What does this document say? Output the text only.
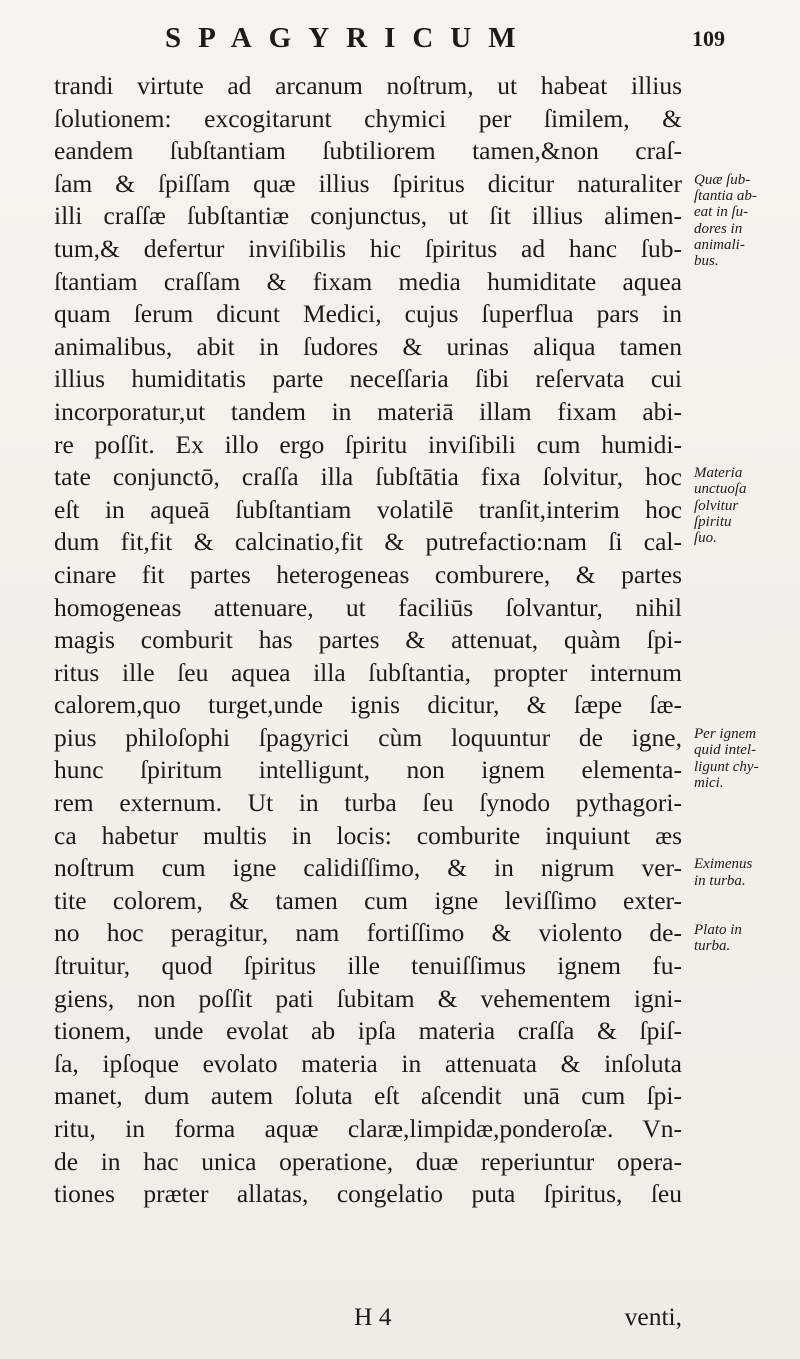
SPAGYRICUM	109
trandi virtute ad arcanum noſtrum, ut habeat illius
ſolutionem: excogitarunt chymici per ſimilem, &
eandem ſubſtantiam ſubtiliorem tamen,&non craſ-
ſam & ſpiſſam quæ illius ſpiritus dicitur naturaliter
illi craſſæ ſubſtantiæ conjunctus, ut ſit illius alimen-
tum,& defertur inviſibilis hic ſpiritus ad hanc ſub-
ſtantiam craſſam & fixam media humiditate aquea
quam ſerum dicunt Medici, cujus ſuperflua pars in
animalibus, abit in ſudores & urinas aliqua tamen
illius humiditatis parte neceſſaria ſibi reſervata cui
incorporatur,ut tandem in materiā illam fixam abi-
re poſſit. Ex illo ergo ſpiritu inviſibili cum humidi-
tate conjunctō, craſſa illa ſubſtātia fixa ſolvitur, hoc
eſt in aqueā ſubſtantiam volatilē tranſit,interim hoc
dum fit,fit & calcinatio,fit & putrefactio:nam ſi cal-
cinare fit partes heterogeneas comburere, & partes
homogeneas attenuare, ut faciliūs ſolvantur, nihil
magis comburit has partes & attenuat, quàm ſpi-
ritus ille ſeu aquea illa ſubſtantia, propter internum
calorem,quo turget,unde ignis dicitur, & ſæpe ſæ-
pius philoſophi ſpagyrici cùm loquuntur de igne,
hunc ſpiritum intelligunt, non ignem elementa-
rem externum. Ut in turba ſeu ſynodo pythagori-
ca habetur multis in locis: comburite inquiunt æs
noſtrum cum igne calidiſſimo, & in nigrum ver-
tite colorem, & tamen cum igne leviſſimo exter-
no hoc peragitur, nam fortiſſimo & violento de-
ſtruitur, quod ſpiritus ille tenuiſſimus ignem fu-
giens, non poſſit pati ſubitam & vehementem igni-
tionem, unde evolat ab ipſa materia craſſa & ſpiſ-
ſa, ipſoque evolato materia in attenuata & inſoluta
manet, dum autem ſoluta eſt aſcendit unā cum ſpi-
ritu, in forma aquæ claræ,limpidæ,ponderoſæ. Vn-
de in hac unica operatione, duæ reperiuntur opera-
tiones præter allatas, congelatio puta ſpiritus, ſeu
Quæ ſub-
ſtantia ab-
eat in ſu-
dores in
animali-
bus.
Materia
unctuoſa
ſolvitur
ſpiritu
ſuo.
Per ignem
quid intel-
ligunt chy-
mici.
Eximenus
in turba.
Plato in
turba.
H 4	venti,
